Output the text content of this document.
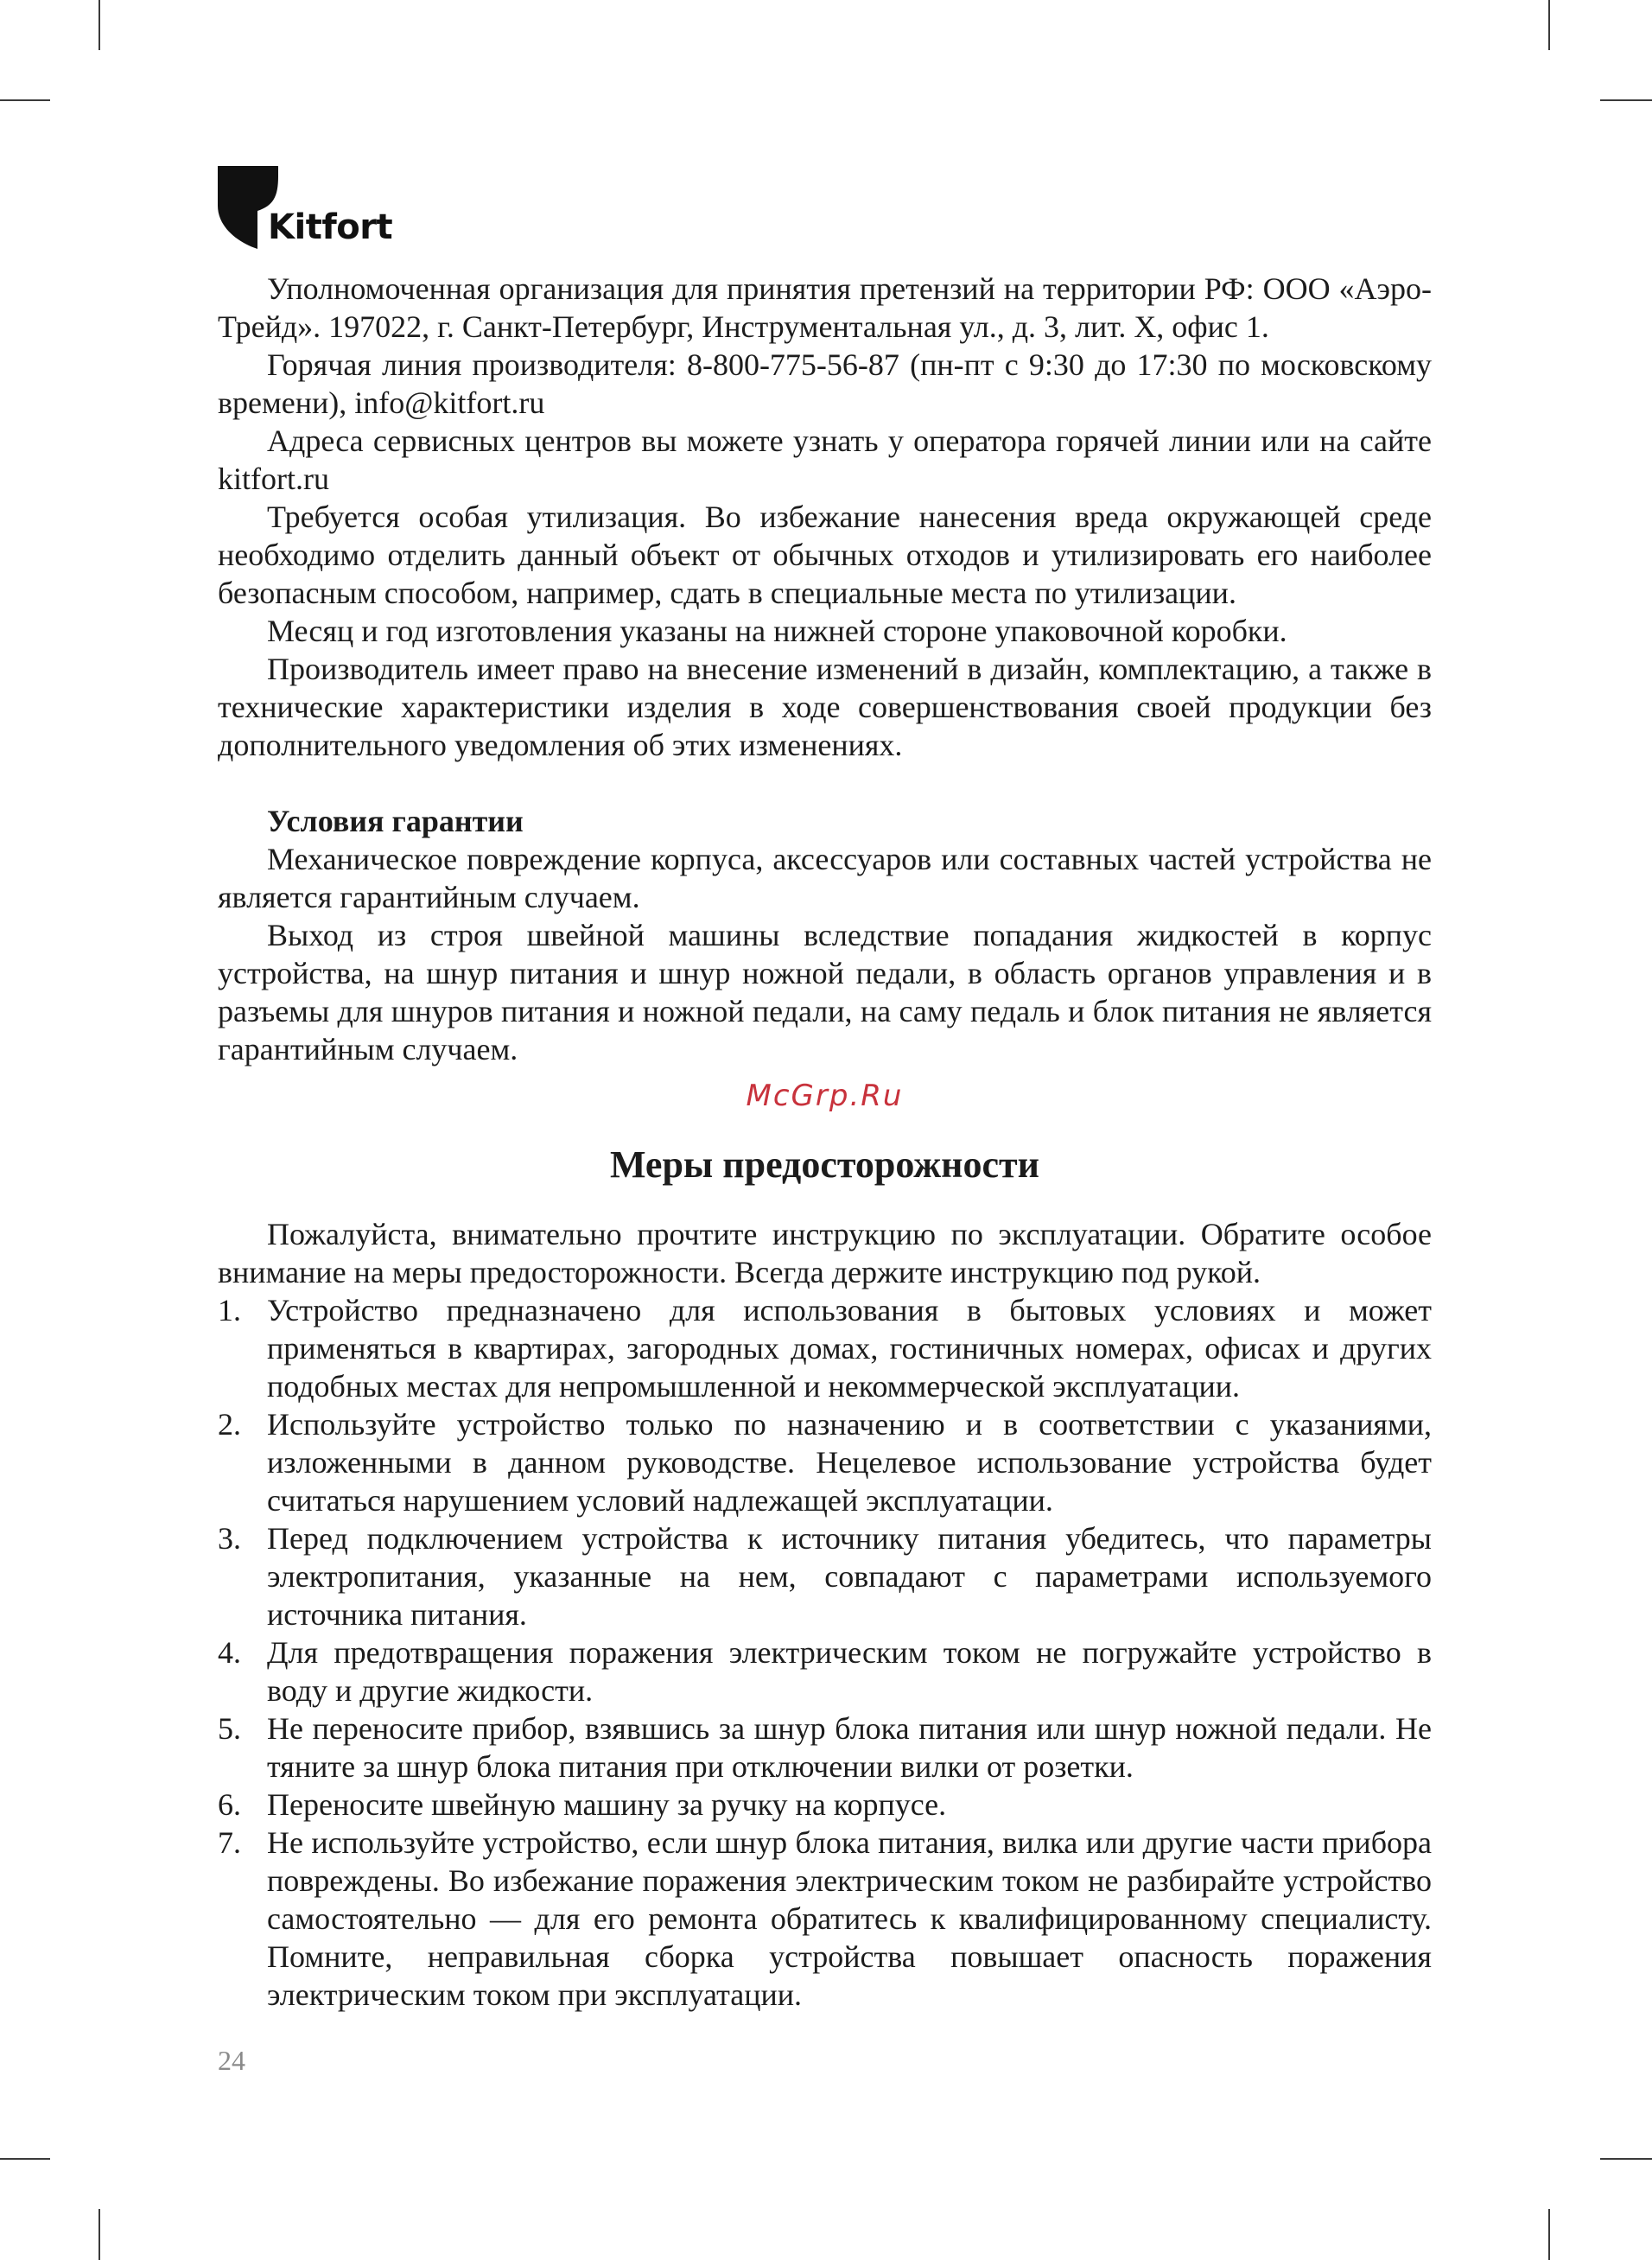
Kitfort

Уполномоченная организация для принятия претензий на территории РФ: ООО «Аэро-Трейд». 197022, г. Санкт-Петербург, Инструментальная ул., д. 3, лит. Х, офис 1.

Горячая линия производителя: 8-800-775-56-87 (пн-пт с 9:30 до 17:30 по московскому времени), info@kitfort.ru

Адреса сервисных центров вы можете узнать у оператора горячей линии или на сайте kitfort.ru

Требуется особая утилизация. Во избежание нанесения вреда окружающей среде необходимо отделить данный объект от обычных отходов и утилизировать его наиболее безопасным способом, например, сдать в специальные места по утилизации.

Месяц и год изготовления указаны на нижней стороне упаковочной коробки.

Производитель имеет право на внесение изменений в дизайн, комплектацию, а также в технические характеристики изделия в ходе совершенствования своей продукции без дополнительного уведомления об этих изменениях.

Условия гарантии

Механическое повреждение корпуса, аксессуаров или составных частей устройства не является гарантийным случаем.

Выход из строя швейной машины вследствие попадания жидкостей в корпус устройства, на шнур питания и шнур ножной педали, в область органов управления и в разъемы для шнуров питания и ножной педали, на саму педаль и блок питания не является гарантийным случаем.

McGrp.Ru
Меры предосторожности

Пожалуйста, внимательно прочтите инструкцию по эксплуатации. Обратите особое внимание на меры предосторожности. Всегда держите инструкцию под рукой.

1. Устройство предназначено для использования в бытовых условиях и может применяться в квартирах, загородных домах, гостиничных номерах, офисах и других подобных местах для непромышленной и некоммерческой эксплуатации.
2. Используйте устройство только по назначению и в соответствии с указаниями, изложенными в данном руководстве. Нецелевое использование устройства будет считаться нарушением условий надлежащей эксплуатации.
3. Перед подключением устройства к источнику питания убедитесь, что параметры электропитания, указанные на нем, совпадают с параметрами используемого источника питания.
4. Для предотвращения поражения электрическим током не погружайте устройство в воду и другие жидкости.
5. Не переносите прибор, взявшись за шнур блока питания или шнур ножной педали. Не тяните за шнур блока питания при отключении вилки от розетки.
6. Переносите швейную машину за ручку на корпусе.
7. Не используйте устройство, если шнур блока питания, вилка или другие части прибора повреждены. Во избежание поражения электрическим током не разбирайте устройство самостоятельно — для его ремонта обратитесь к квалифицированному специалисту. Помните, неправильная сборка устройства повышает опасность поражения электрическим током при эксплуатации.
24
